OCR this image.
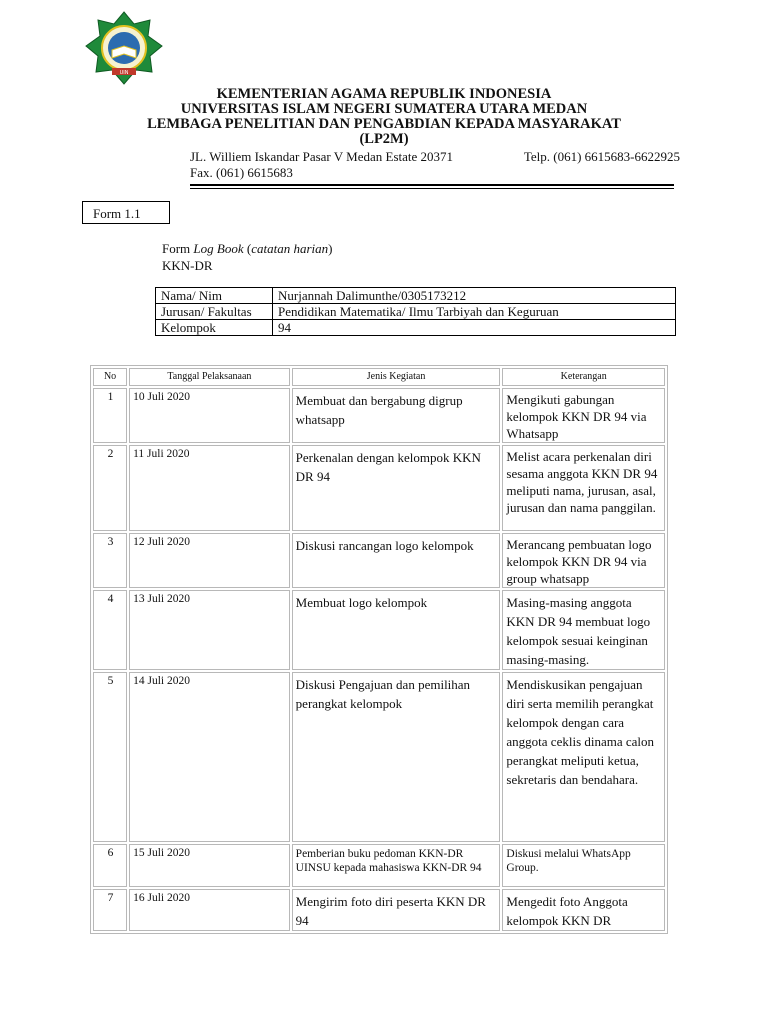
UIN
KEMENTERIAN AGAMA REPUBLIK INDONESIA
UNIVERSITAS ISLAM NEGERI SUMATERA UTARA MEDAN
LEMBAGA PENELITIAN DAN PENGABDIAN KEPADA MASYARAKAT
(LP2M)
JL. Williem Iskandar Pasar V Medan Estate 20371	Telp. (061) 6615683-6622925
Fax. (061) 6615683
Form 1.1
Form Log Book (catatan harian)
KKN-DR
Nama/ Nim	Nurjannah Dalimunthe/0305173212
Jurusan/ Fakultas	Pendidikan Matematika/ Ilmu Tarbiyah dan Keguruan
Kelompok	94
No	Tanggal Pelaksanaan	Jenis Kegiatan	Keterangan
1	10 Juli 2020	Membuat dan bergabung digrup whatsapp	Mengikuti gabungan kelompok KKN DR 94 via Whatsapp
2	11 Juli 2020	Perkenalan dengan kelompok KKN DR 94	Melist acara perkenalan diri sesama anggota KKN DR 94 meliputi nama, jurusan, asal, jurusan dan nama panggilan.
3	12 Juli 2020	Diskusi rancangan logo kelompok	Merancang pembuatan logo kelompok KKN DR 94 via group whatsapp
4	13 Juli 2020	Membuat logo kelompok	Masing-masing anggota KKN DR 94 membuat logo kelompok sesuai keinginan masing-masing.
5	14 Juli 2020	Diskusi Pengajuan dan pemilihan perangkat kelompok	Mendiskusikan pengajuan diri serta memilih perangkat kelompok dengan cara anggota ceklis dinama calon perangkat meliputi ketua, sekretaris dan bendahara.
6	15 Juli 2020	Pemberian buku pedoman KKN-DR UINSU kepada mahasiswa KKN-DR 94	Diskusi melalui WhatsApp Group.
7	16 Juli 2020	Mengirim foto diri peserta KKN DR 94	Mengedit foto Anggota kelompok KKN DR
